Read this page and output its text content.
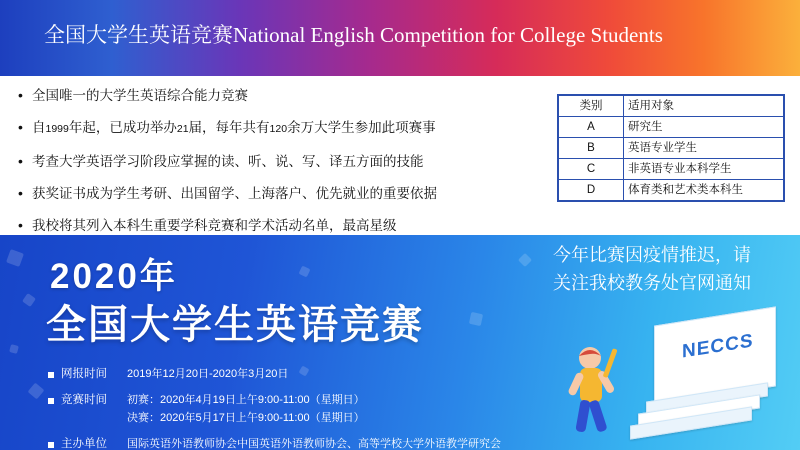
全国大学生英语竞赛National English Competition for College Students
• 全国唯一的大学生英语综合能力竞赛
• 自1999年起，已成功举办21届，每年共有120余万大学生参加此项赛事
• 考查大学英语学习阶段应掌握的读、听、说、写、译五方面的技能
• 获奖证书成为学生考研、出国留学、上海落户、优先就业的重要依据
• 我校将其列入本科生重要学科竞赛和学术活动名单，最高星级
类别	适用对象
A	研究生
B	英语专业学生
C	非英语专业本科学生
D	体育类和艺术类本科生
2020年
全国大学生英语竞赛
今年比赛因疫情推迟，请
关注我校教务处官网通知
网报时间	2019年12月20日-2020年3月20日
竞赛时间	初赛：2020年4月19日上午9:00-11:00（星期日）
决赛：2020年5月17日上午9:00-11:00（星期日）
主办单位	国际英语外语教师协会中国英语外语教师协会、高等学校大学外语教学研究会
NECCS
